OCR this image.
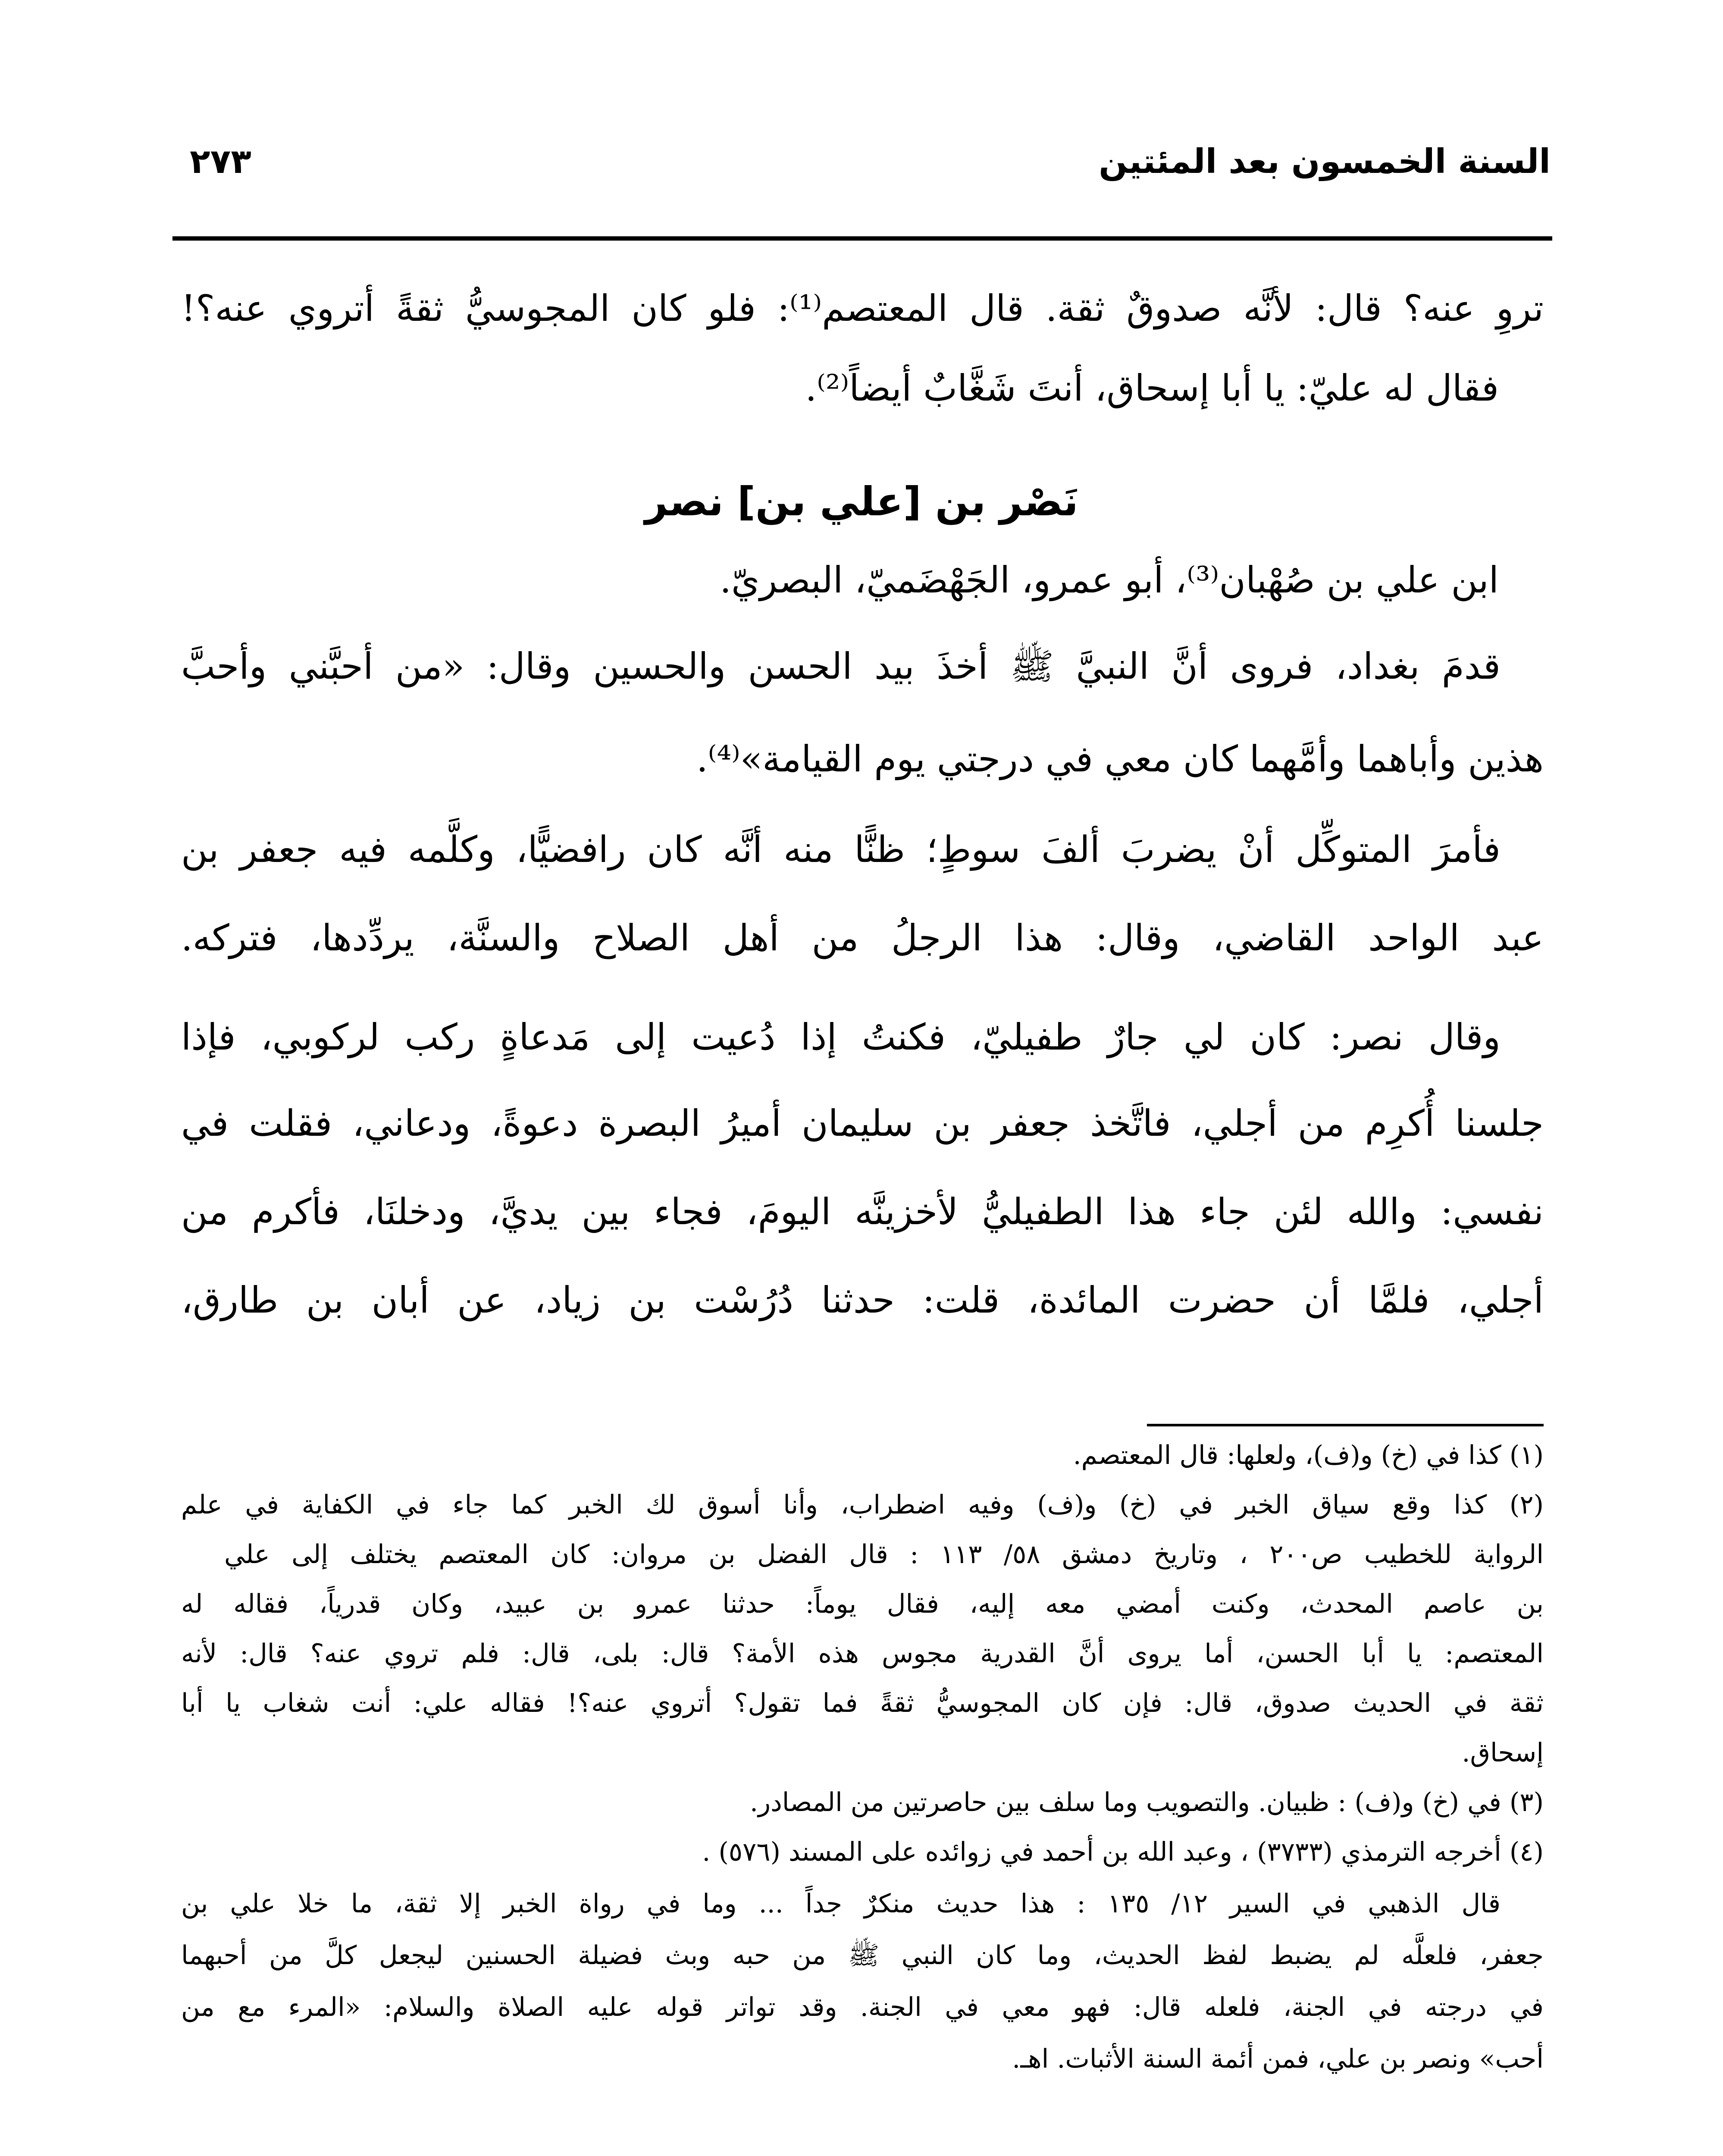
السنة الخمسون بعد المئتين
٢٧٣
تروِ عنه؟ قال: لأنَّه صدوقٌ ثقة. قال المعتصم⁽¹⁾: فلو كان المجوسيُّ ثقةً أتروي عنه؟!
فقال له عليّ: يا أبا إسحاق، أنتَ شَغَّابٌ أيضاً⁽²⁾.
نَصْر بن [علي بن] نصر
ابن علي بن صُهْبان⁽³⁾، أبو عمرو، الجَهْضَميّ، البصريّ.
قدمَ بغداد، فروى أنَّ النبيَّ ﷺ أخذَ بيد الحسن والحسين وقال: «من أحبَّني وأحبَّ
هذين وأباهما وأمَّهما كان معي في درجتي يوم القيامة»⁽⁴⁾.
فأمرَ المتوكِّل أنْ يضربَ ألفَ سوطٍ؛ ظنًّا منه أنَّه كان رافضيًّا، وكلَّمه فيه جعفر بن
عبد الواحد القاضي، وقال: هذا الرجلُ من أهل الصلاح والسنَّة، يردِّدها، فتركه.
وقال نصر: كان لي جارٌ طفيليّ، فكنتُ إذا دُعيت إلى مَدعاةٍ ركب لركوبي، فإذا
جلسنا أُكرِم من أجلي، فاتَّخذ جعفر بن سليمان أميرُ البصرة دعوةً، ودعاني، فقلت في
نفسي: والله لئن جاء هذا الطفيليُّ لأخزينَّه اليومَ، فجاء بين يديَّ، ودخلنَا، فأكرم من
أجلي، فلمَّا أن حضرت المائدة، قلت: حدثنا دُرُسْت بن زياد، عن أبان بن طارق،
(١) كذا في (خ) و(ف)، ولعلها: قال المعتصم.
(٢) كذا وقع سياق الخبر في (خ) و(ف) وفيه اضطراب، وأنا أسوق لك الخبر كما جاء في الكفاية في علم
الرواية للخطيب ص٢٠٠ ، وتاريخ دمشق ٥٨/ ١١٣ : قال الفضل بن مروان: كان المعتصم يختلف إلى علي
بن عاصم المحدث، وكنت أمضي معه إليه، فقال يوماً: حدثنا عمرو بن عبيد، وكان قدرياً، فقاله له
المعتصم: يا أبا الحسن، أما يروى أنَّ القدرية مجوس هذه الأمة؟ قال: بلى، قال: فلم تروي عنه؟ قال: لأنه
ثقة في الحديث صدوق، قال: فإن كان المجوسيُّ ثقةً فما تقول؟ أتروي عنه؟! فقاله علي: أنت شغاب يا أبا
إسحاق.
(٣) في (خ) و(ف) : ظبيان. والتصويب وما سلف بين حاصرتين من المصادر.
(٤) أخرجه الترمذي (٣٧٣٣) ، وعبد الله بن أحمد في زوائده على المسند (٥٧٦) .
قال الذهبي في السير ١٢/ ١٣٥ : هذا حديث منكرٌ جداً ... وما في رواة الخبر إلا ثقة، ما خلا علي بن
جعفر، فلعلَّه لم يضبط لفظ الحديث، وما كان النبي ﷺ من حبه وبث فضيلة الحسنين ليجعل كلَّ من أحبهما
في درجته في الجنة، فلعله قال: فهو معي في الجنة. وقد تواتر قوله عليه الصلاة والسلام: «المرء مع من
أحب» ونصر بن علي، فمن أئمة السنة الأثبات. اهـ.
